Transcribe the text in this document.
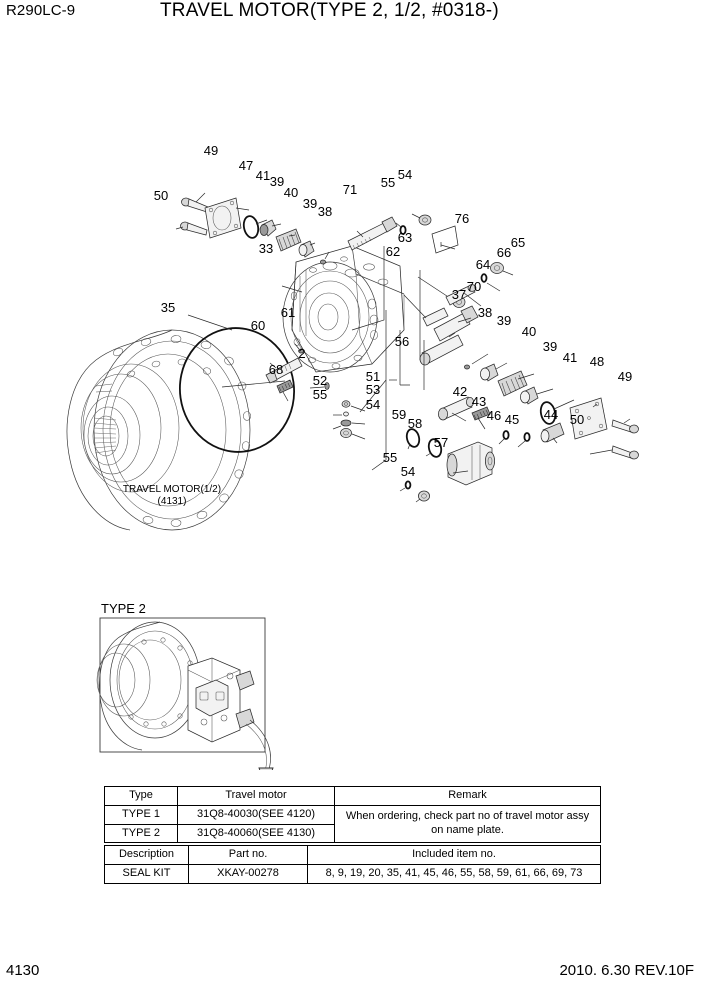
R290LC-9	TRAVEL MOTOR(TYPE 2, 1/2, #0318-)
TRAVEL MOTOR(1/2)
(4131)
TYPE 2
49
50
47
41 39
40
39
38
33
71 55
54
76
63
62
64
66
65
70
37
38
39
40
39
41 48
49
50
44
45
46
43
42
35	61
60
2
68
52	51
55	53
54
56
59
58
57
55
54
Type	Travel motor	Remark
TYPE 1	31Q8-40030(SEE 4120)	When ordering, check part no of travel motor assy
on name plate.

TYPE 2	31Q8-40060(SEE 4130)	
Description	Part no.	Included item no.
SEAL KIT	XKAY-00278	8, 9, 19, 20, 35, 41, 45, 46, 55, 58, 59, 61, 66, 69, 73
4130	2010. 6.30 REV.10F
